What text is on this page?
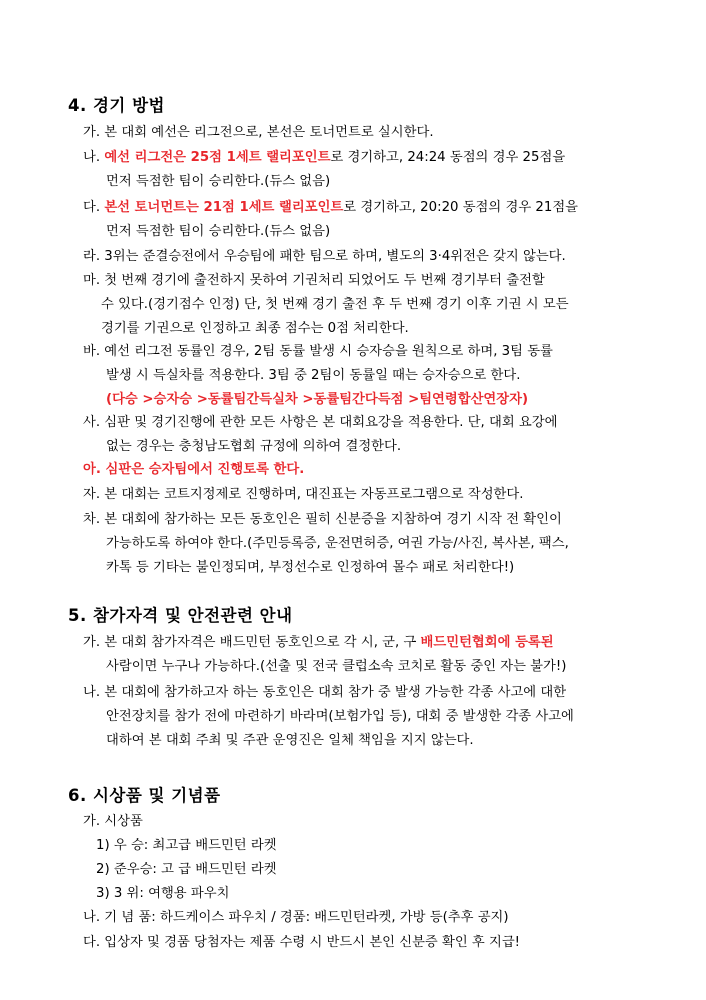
4. 경기 방법
가. 본 대회 예선은 리그전으로, 본선은 토너먼트로 실시한다.
나. 예선 리그전은 25점 1세트 랠리포인트로 경기하고, 24:24 동점의 경우 25점을
먼저 득점한 팀이 승리한다.(듀스 없음)
다. 본선 토너먼트는 21점 1세트 랠리포인트로 경기하고, 20:20 동점의 경우 21점을
먼저 득점한 팀이 승리한다.(듀스 없음)
라. 3위는 준결승전에서 우승팀에 패한 팀으로 하며, 별도의 3·4위전은 갖지 않는다.
마. 첫 번째 경기에 출전하지 못하여 기권처리 되었어도 두 번째 경기부터 출전할
수 있다.(경기점수 인정) 단, 첫 번째 경기 출전 후 두 번째 경기 이후 기권 시 모든
경기를 기권으로 인정하고 최종 점수는 0점 처리한다.
바. 예선 리그전 동률인 경우, 2팀 동률 발생 시 승자승을 원칙으로 하며, 3팀 동률
발생 시 득실차를 적용한다. 3팀 중 2팀이 동률일 때는 승자승으로 한다.
(다승 >승자승 >동률팀간득실차 >동률팀간다득점 >팀연령합산연장자)
사. 심판 및 경기진행에 관한 모든 사항은 본 대회요강을 적용한다. 단, 대회 요강에
없는 경우는 충청남도협회 규정에 의하여 결정한다.
아. 심판은 승자팀에서 진행토록 한다.
자. 본 대회는 코트지정제로 진행하며, 대진표는 자동프로그램으로 작성한다.
차. 본 대회에 참가하는 모든 동호인은 필히 신분증을 지참하여 경기 시작 전 확인이
가능하도록 하여야 한다.(주민등록증, 운전면허증, 여권 가능/사진, 복사본, 팩스,
카톡 등 기타는 불인정되며, 부정선수로 인정하여 몰수 패로 처리한다!)
5. 참가자격 및 안전관련 안내
가. 본 대회 참가자격은 배드민턴 동호인으로 각 시, 군, 구 배드민턴협회에 등록된
사람이면 누구나 가능하다.(선출 및 전국 클럽소속 코치로 활동 중인 자는 불가!)
나. 본 대회에 참가하고자 하는 동호인은 대회 참가 중 발생 가능한 각종 사고에 대한
안전장치를 참가 전에 마련하기 바라며(보험가입 등), 대회 중 발생한 각종 사고에
대하여 본 대회 주최 및 주관 운영진은 일체 책임을 지지 않는다.
6. 시상품 및 기념품
가. 시상품
1) 우 승: 최고급 배드민턴 라켓
2) 준우승: 고 급 배드민턴 라켓
3) 3 위: 여행용 파우치
나. 기 념 품: 하드케이스 파우치 / 경품: 배드민턴라켓, 가방 등(추후 공지)
다. 입상자 및 경품 당첨자는 제품 수령 시 반드시 본인 신분증 확인 후 지급!
